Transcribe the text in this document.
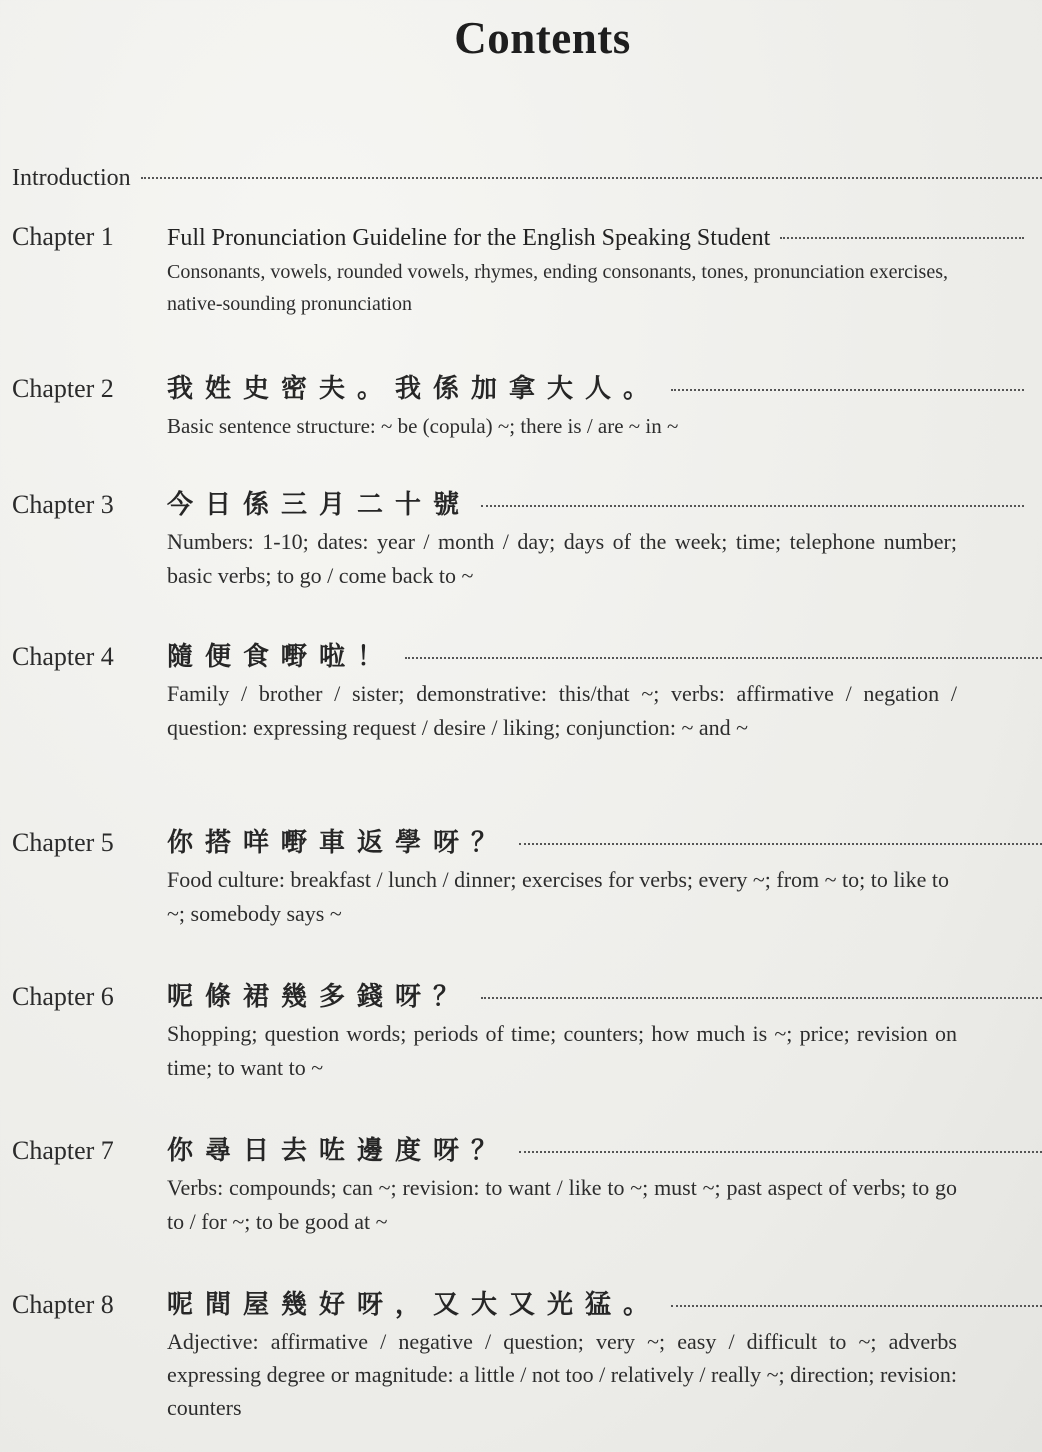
Contents
Introduction
Chapter 1	Full Pronunciation Guideline for the English Speaking Student
Consonants, vowels, rounded vowels, rhymes, ending consonants, tones, pronunciation exercises, native-sounding pronunciation
Chapter 2	我姓史密夫。我係加拿大人。
Basic sentence structure: ~ be (copula) ~; there is / are ~ in ~
Chapter 3	今日係三月二十號
Numbers: 1-10; dates: year / month / day; days of the week; time; telephone number; basic verbs; to go / come back to ~
Chapter 4	隨便食嘢啦！
Family / brother / sister; demonstrative: this/that ~; verbs: affirmative / negation / question: expressing request / desire / liking; conjunction: ~ and ~
Chapter 5	你搭咩嘢車返學呀？
Food culture: breakfast / lunch / dinner; exercises for verbs; every ~; from ~ to; to like to ~; somebody says ~
Chapter 6	呢條裙幾多錢呀？
Shopping; question words; periods of time; counters; how much is ~; price; revision on time; to want to ~
Chapter 7	你尋日去咗邊度呀？
Verbs: compounds; can ~; revision: to want / like to ~; must ~; past aspect of verbs; to go to / for ~; to be good at ~
Chapter 8	呢間屋幾好呀，又大又光猛。
Adjective: affirmative / negative / question; very ~; easy / difficult to ~; adverbs expressing degree or magnitude: a little / not too / relatively / really ~; direction; revision: counters
